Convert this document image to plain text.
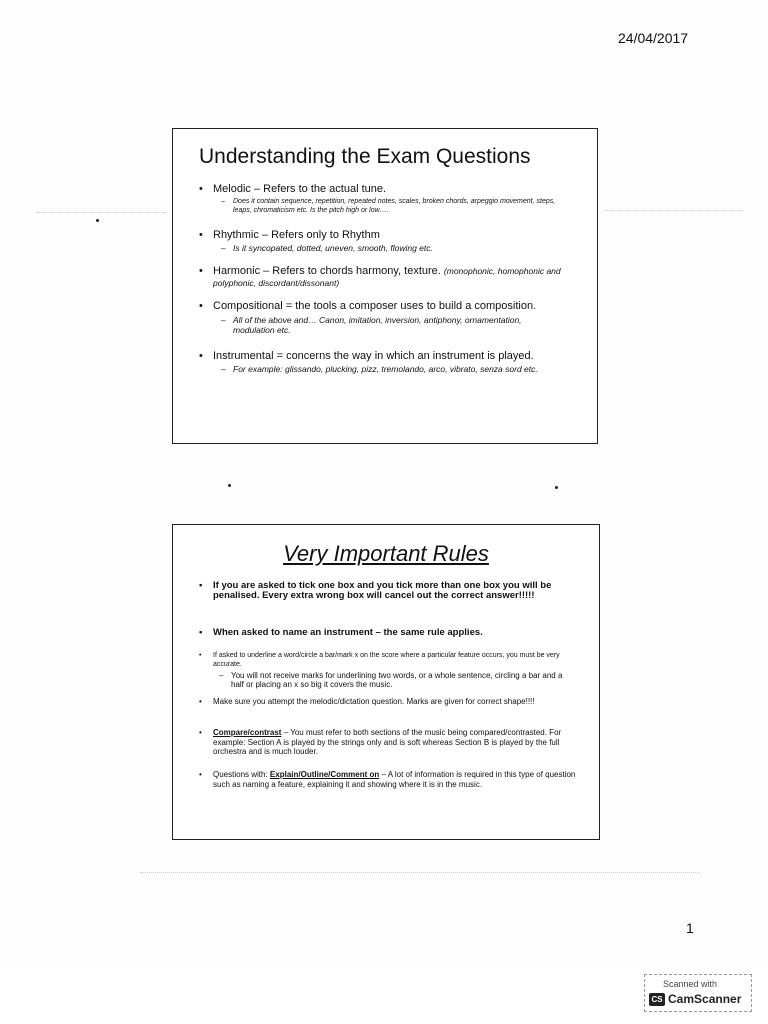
24/04/2017
Understanding the Exam Questions
• Melodic – Refers to the actual tune.
– Does it contain sequence, repetition, repeated notes, scales, broken chords, arpeggio movement, steps, leaps, chromaticism etc. Is the pitch high or low….
• Rhythmic – Refers only to Rhythm
– Is it syncopated, dotted, uneven, smooth, flowing etc.
• Harmonic – Refers to chords harmony, texture. (monophonic, homophonic and polyphonic, discordant/dissonant)
• Compositional = the tools a composer uses to build a composition.
– All of the above and… Canon, imitation, inversion, antiphony, ornamentation, modulation etc.
• Instrumental = concerns the way in which an instrument is played.
– For example: glissando, plucking, pizz, tremolando, arco, vibrato, senza sord etc.
Very Important Rules
• If you are asked to tick one box and you tick more than one box you will be penalised. Every extra wrong box will cancel out the correct answer!!!!!
• When asked to name an instrument – the same rule applies.
• If asked to underline a word/circle a bar/mark x on the score where a particular feature occurs, you must be very accurate.
– You will not receive marks for underlining two words, or a whole sentence, circling a bar and a half or placing an x so big it covers the music.
• Make sure you attempt the melodic/dictation question. Marks are given for correct shape!!!!
• Compare/contrast – You must refer to both sections of the music being compared/contrasted. For example: Section A is played by the strings only and is soft whereas Section B is played by the full orchestra and is much louder.
• Questions with: Explain/Outline/Comment on – A lot of information is required in this type of question such as naming a feature, explaining it and showing where it is in the music.
1
Scanned with
CS CamScanner
